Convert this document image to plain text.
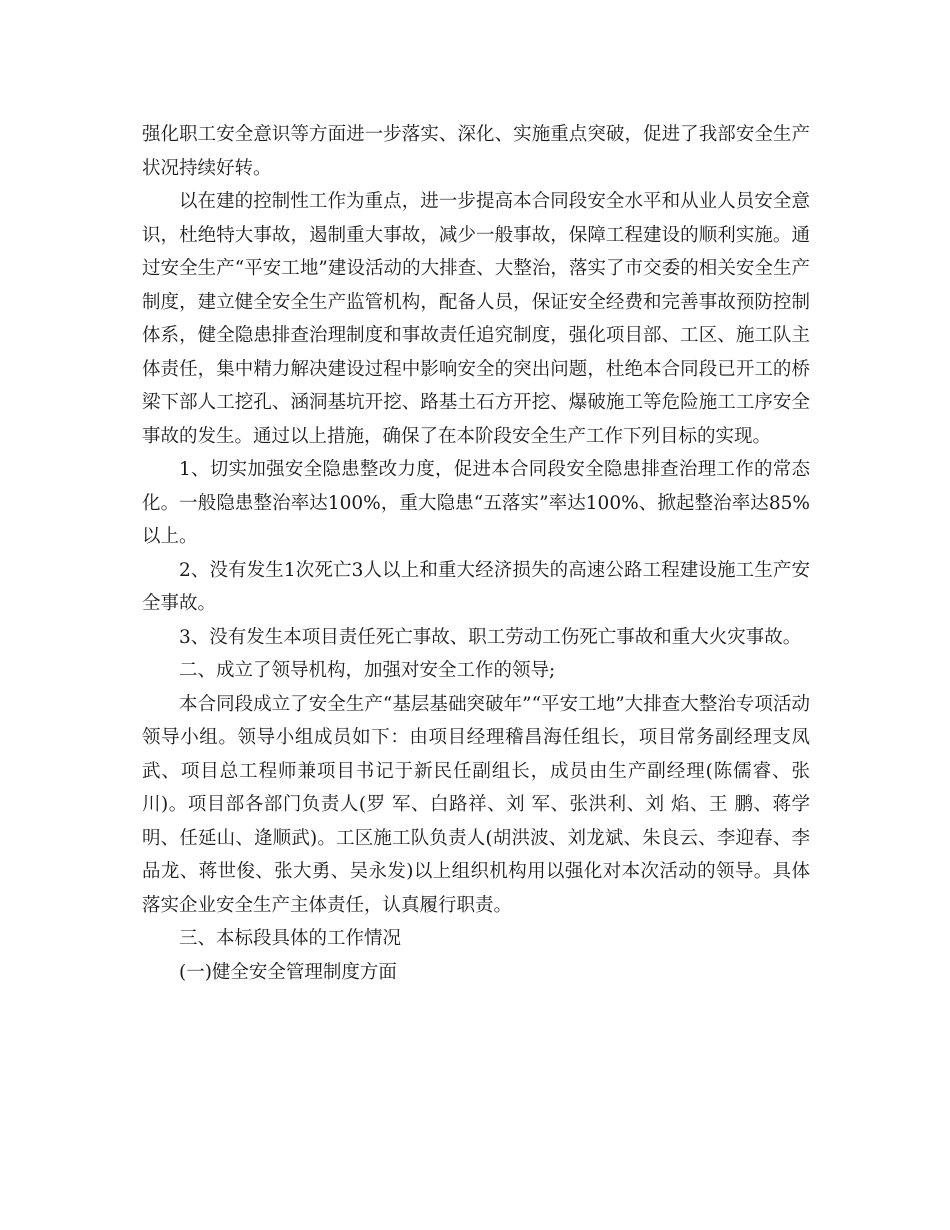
强化职工安全意识等方面进一步落实、深化、实施重点突破，促进了我部安全生产状况持续好转。

以在建的控制性工作为重点，进一步提高本合同段安全水平和从业人员安全意识，杜绝特大事故，遏制重大事故，减少一般事故，保障工程建设的顺利实施。通过安全生产“平安工地”建设活动的大排查、大整治，落实了市交委的相关安全生产制度，建立健全安全生产监管机构，配备人员，保证安全经费和完善事故预防控制体系，健全隐患排查治理制度和事故责任追究制度，强化项目部、工区、施工队主体责任，集中精力解决建设过程中影响安全的突出问题，杜绝本合同段已开工的桥梁下部人工挖孔、涵洞基坑开挖、路基土石方开挖、爆破施工等危险施工工序安全事故的发生。通过以上措施，确保了在本阶段安全生产工作下列目标的实现。

1、切实加强安全隐患整改力度，促进本合同段安全隐患排查治理工作的常态化。一般隐患整治率达100%，重大隐患“五落实”率达100%、掀起整治率达85%以上。

2、没有发生1次死亡3人以上和重大经济损失的高速公路工程建设施工生产安全事故。

3、没有发生本项目责任死亡事故、职工劳动工伤死亡事故和重大火灾事故。

二、成立了领导机构，加强对安全工作的领导;

本合同段成立了安全生产“基层基础突破年”“平安工地”大排查大整治专项活动领导小组。领导小组成员如下：由项目经理稽昌海任组长，项目常务副经理支凤武、项目总工程师兼项目书记于新民任副组长，成员由生产副经理(陈儒睿、张 川)。项目部各部门负责人(罗 军、白路祥、刘 军、张洪利、刘 焰、王 鹏、蒋学明、任延山、逄顺武)。工区施工队负责人(胡洪波、刘龙斌、朱良云、李迎春、李品龙、蒋世俊、张大勇、吴永发)以上组织机构用以强化对本次活动的领导。具体落实企业安全生产主体责任，认真履行职责。

三、本标段具体的工作情况

(一)健全安全管理制度方面
